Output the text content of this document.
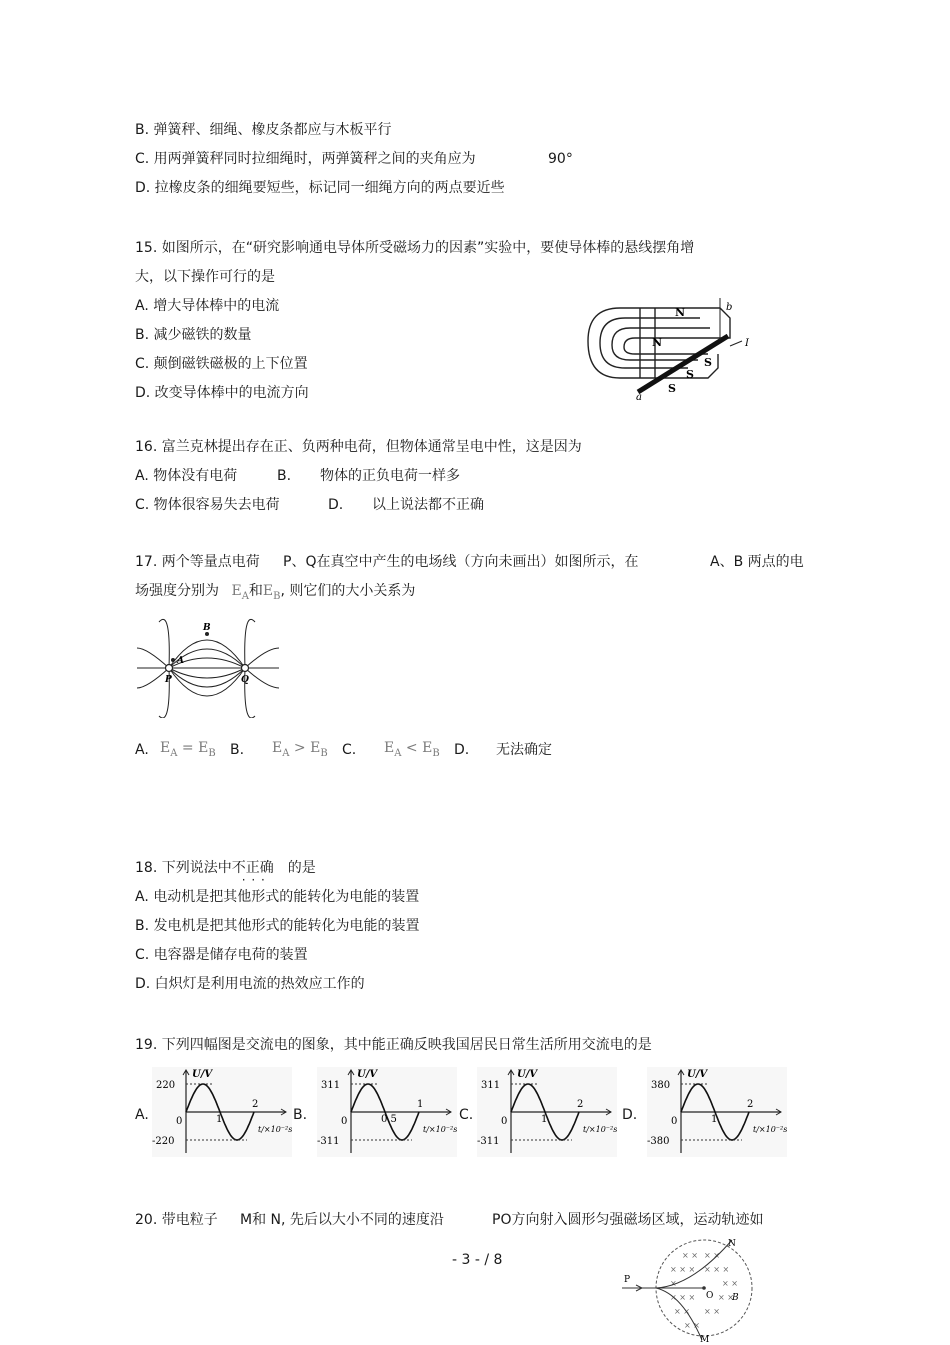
B. 弹簧秤、细绳、橡皮条都应与木板平行
C. 用两弹簧秤同时拉细绳时，两弹簧秤之间的夹角应为	90°
D. 拉橡皮条的细绳要短些，标记同一细绳方向的两点要近些
15. 如图所示，在“研究影响通电导体所受磁场力的因素”实验中，要使导体棒的悬线摆角增
大，以下操作可行的是
A. 增大导体棒中的电流
B. 减少磁铁的数量
C. 颠倒磁铁磁极的上下位置
D. 改变导体棒中的电流方向
N
N
S
S
S
a
b
I
16. 富兰克林提出存在正、负两种电荷，但物体通常呈电中性，这是因为
A. 物体没有电荷	B. 物体的正负电荷一样多
C. 物体很容易失去电荷	D. 以上说法都不正确
17. 两个等量点电荷 P、Q在真空中产生的电场线（方向未画出）如图所示，在	A、B 两点的电
场强度分别为 $E_A$和$E_B$, 则它们的大小关系为
B
A
P	Q
A. $E_A = E_B$ B. $E_A > E_B$ C. $E_A < E_B$ D. 无法确定
18. 下列说法中不正确 · · · 的是
A. 电动机是把其他形式的能转化为电能的装置
B. 发电机是把其他形式的能转化为电能的装置
C. 电容器是储存电荷的装置
D. 白炽灯是利用电流的热效应工作的
19. 下列四幅图是交流电的图象，其中能正确反映我国居民日常生活所用交流电的是
A.	B.	C.	D.
U/V
220
-220
0	1
2
t/×10⁻²s
U/V
311
-311
0	0.5
1
t/×10⁻²s
U/V
311
-311
0	1
2
t/×10⁻²s
U/V
380
-380
0	1
2
t/×10⁻²s
20. 带电粒子 M和 N, 先后以大小不同的速度沿	PO方向射入圆形匀强磁场区域，运动轨迹如
- 3 - / 8	× × × ×
× × × × × ×
×	× ×
× × ×	× ×
× × × ×
× ×
P
O
N
M
B
